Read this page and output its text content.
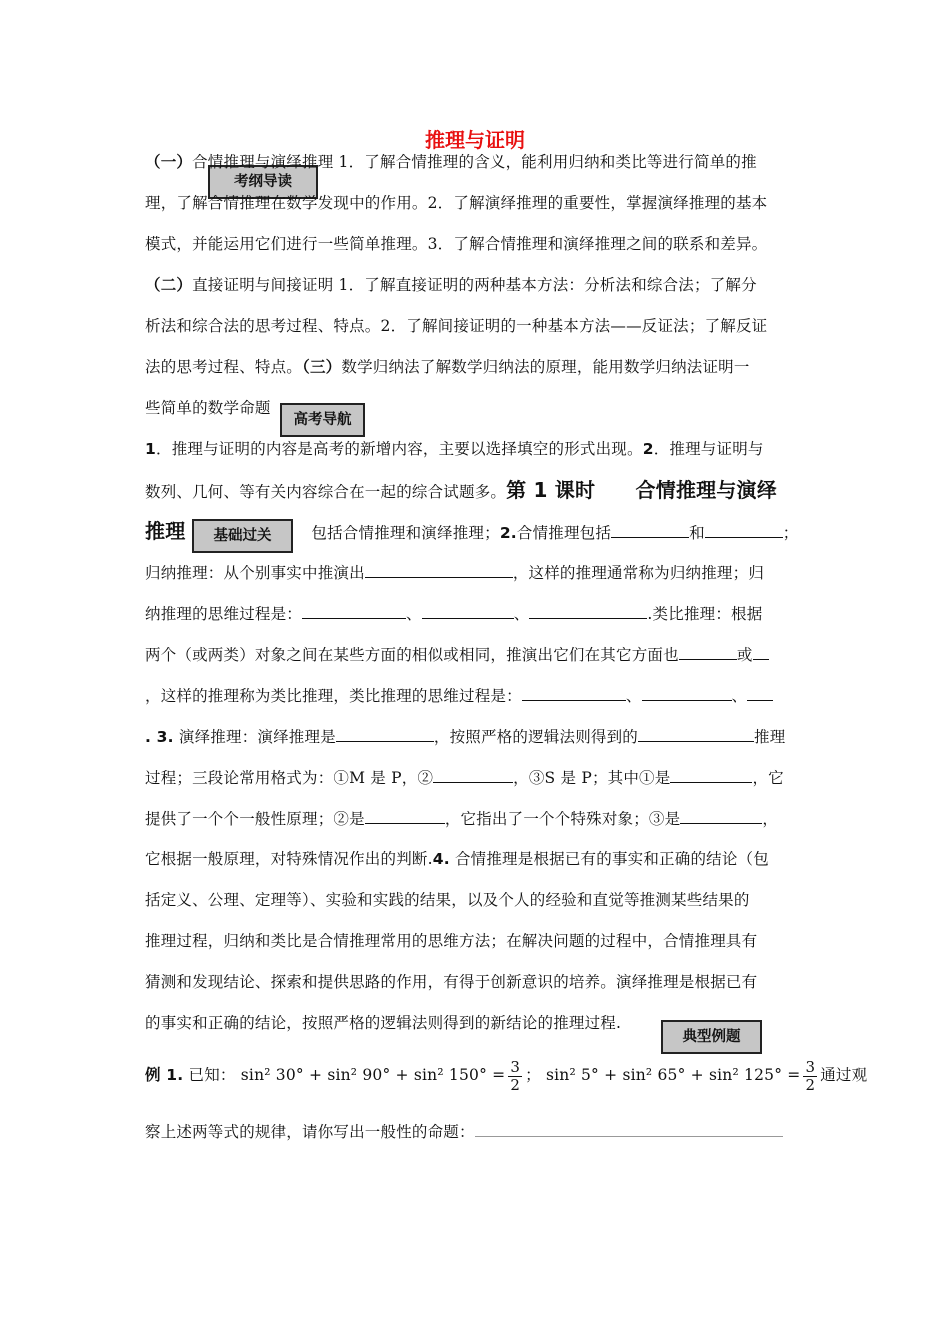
推理与证明
考纲导读
高考导航
基础过关
典型例题
（一）合情推理与演绎推理 1．了解合情推理的含义，能利用归纳和类比等进行简单的推
理，了解合情推理在数学发现中的作用。2．了解演绎推理的重要性，掌握演绎推理的基本
模式，并能运用它们进行一些简单推理。3．了解合情推理和演绎推理之间的联系和差异。
（二）直接证明与间接证明 1．了解直接证明的两种基本方法：分析法和综合法；了解分
析法和综合法的思考过程、特点。2．了解间接证明的一种基本方法——反证法；了解反证
法的思考过程、特点。（三）数学归纳法了解数学归纳法的原理，能用数学归纳法证明一
些简单的数学命题
1．推理与证明的内容是高考的新增内容，主要以选择填空的形式出现。2．推理与证明与
数列、几何、等有关内容综合在一起的综合试题多。第 1 课时　　合情推理与演绎
推理	包括合情推理和演绎推理；2.合情推理包括	和	；
归纳推理：从个别事实中推演出	，这样的推理通常称为归纳推理；归
纳推理的思维过程是：	、	、	.类比推理：根据
两个（或两类）对象之间在某些方面的相似或相同，推演出它们在其它方面也	或
，这样的推理称为类比推理，类比推理的思维过程是：	、	、
. 3. 演绎推理：演绎推理是	，按照严格的逻辑法则得到的	推理
过程；三段论常用格式为：①M 是 P，②	，③S 是 P；其中①是	，它
提供了一个个一般性原理；②是	，它指出了一个个特殊对象；③是	，
它根据一般原理，对特殊情况作出的判断.4. 合情推理是根据已有的事实和正确的结论（包
括定义、公理、定理等）、实验和实践的结果，以及个人的经验和直觉等推测某些结果的
推理过程，归纳和类比是合情推理常用的思维方法；在解决问题的过程中，合情推理具有
猜测和发现结论、探索和提供思路的作用，有得于创新意识的培养。演绎推理是根据已有
的事实和正确的结论，按照严格的逻辑法则得到的新结论的推理过程.
例 1. 已知： sin² 30° + sin² 90° + sin² $150^\circ = \frac{3}{2}$ ； sin² 5° + sin² 65° + sin² $125^\circ = \frac{3}{2}$ 通过观
察上述两等式的规律，请你写出一般性的命题：
